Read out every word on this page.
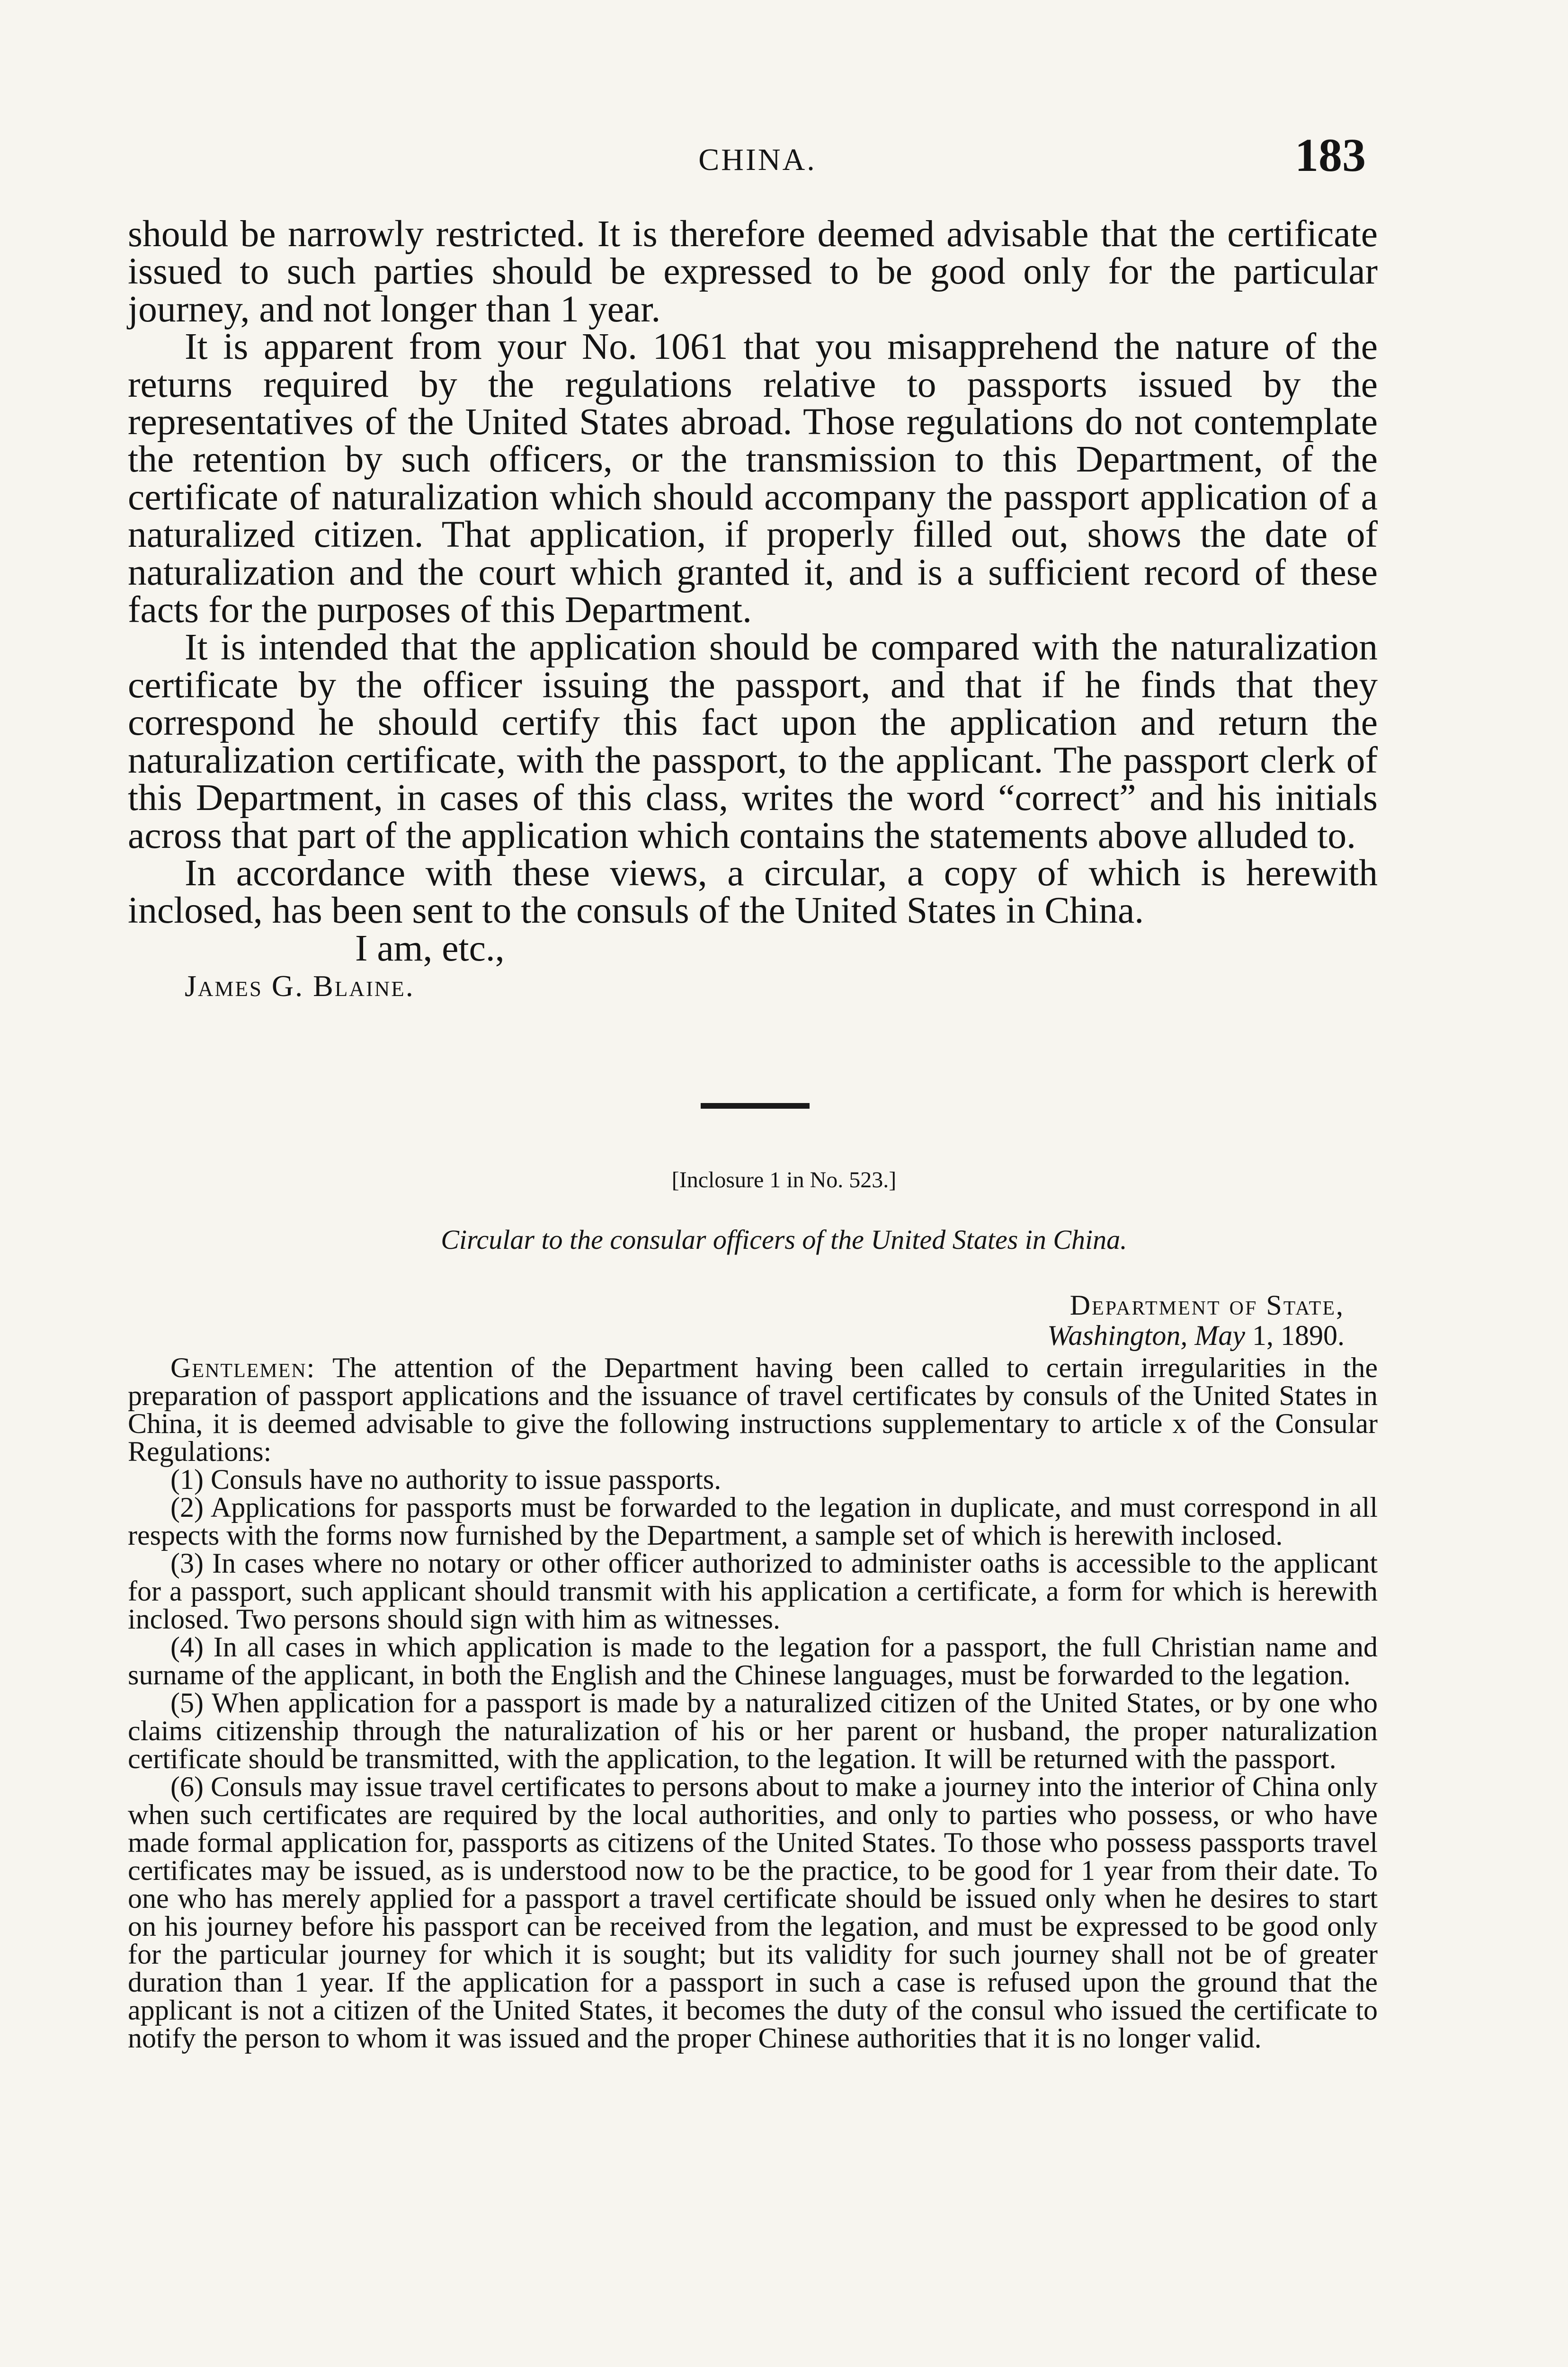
CHINA.	183

should be narrowly restricted. It is therefore deemed advisable that the certificate issued to such parties should be expressed to be good only for the particular journey, and not longer than 1 year.

It is apparent from your No. 1061 that you misapprehend the nature of the returns required by the regulations relative to passports issued by the representatives of the United States abroad. Those regulations do not contemplate the retention by such officers, or the transmission to this Department, of the certificate of naturalization which should accompany the passport application of a naturalized citizen. That application, if properly filled out, shows the date of naturalization and the court which granted it, and is a sufficient record of these facts for the purposes of this Department.

It is intended that the application should be compared with the naturalization certificate by the officer issuing the passport, and that if he finds that they correspond he should certify this fact upon the application and return the naturalization certificate, with the passport, to the applicant. The passport clerk of this Department, in cases of this class, writes the word “correct” and his initials across that part of the application which contains the statements above alluded to.

In accordance with these views, a circular, a copy of which is herewith inclosed, has been sent to the consuls of the United States in China.

I am, etc.,

James G. Blaine.

[Inclosure 1 in No. 523.]
Circular to the consular officers of the United States in China.
Department of State,
Washington, May 1, 1890.

Gentlemen: The attention of the Department having been called to certain irregularities in the preparation of passport applications and the issuance of travel certificates by consuls of the United States in China, it is deemed advisable to give the following instructions supplementary to article x of the Consular Regulations:

(1) Consuls have no authority to issue passports.

(2) Applications for passports must be forwarded to the legation in duplicate, and must correspond in all respects with the forms now furnished by the Department, a sample set of which is herewith inclosed.

(3) In cases where no notary or other officer authorized to administer oaths is accessible to the applicant for a passport, such applicant should transmit with his application a certificate, a form for which is herewith inclosed. Two persons should sign with him as witnesses.

(4) In all cases in which application is made to the legation for a passport, the full Christian name and surname of the applicant, in both the English and the Chinese languages, must be forwarded to the legation.

(5) When application for a passport is made by a naturalized citizen of the United States, or by one who claims citizenship through the naturalization of his or her parent or husband, the proper naturalization certificate should be transmitted, with the application, to the legation. It will be returned with the passport.

(6) Consuls may issue travel certificates to persons about to make a journey into the interior of China only when such certificates are required by the local authorities, and only to parties who possess, or who have made formal application for, passports as citizens of the United States. To those who possess passports travel certificates may be issued, as is understood now to be the practice, to be good for 1 year from their date. To one who has merely applied for a passport a travel certificate should be issued only when he desires to start on his journey before his passport can be received from the legation, and must be expressed to be good only for the particular journey for which it is sought; but its validity for such journey shall not be of greater duration than 1 year. If the application for a passport in such a case is refused upon the ground that the applicant is not a citizen of the United States, it becomes the duty of the consul who issued the certificate to notify the person to whom it was issued and the proper Chinese authorities that it is no longer valid.
